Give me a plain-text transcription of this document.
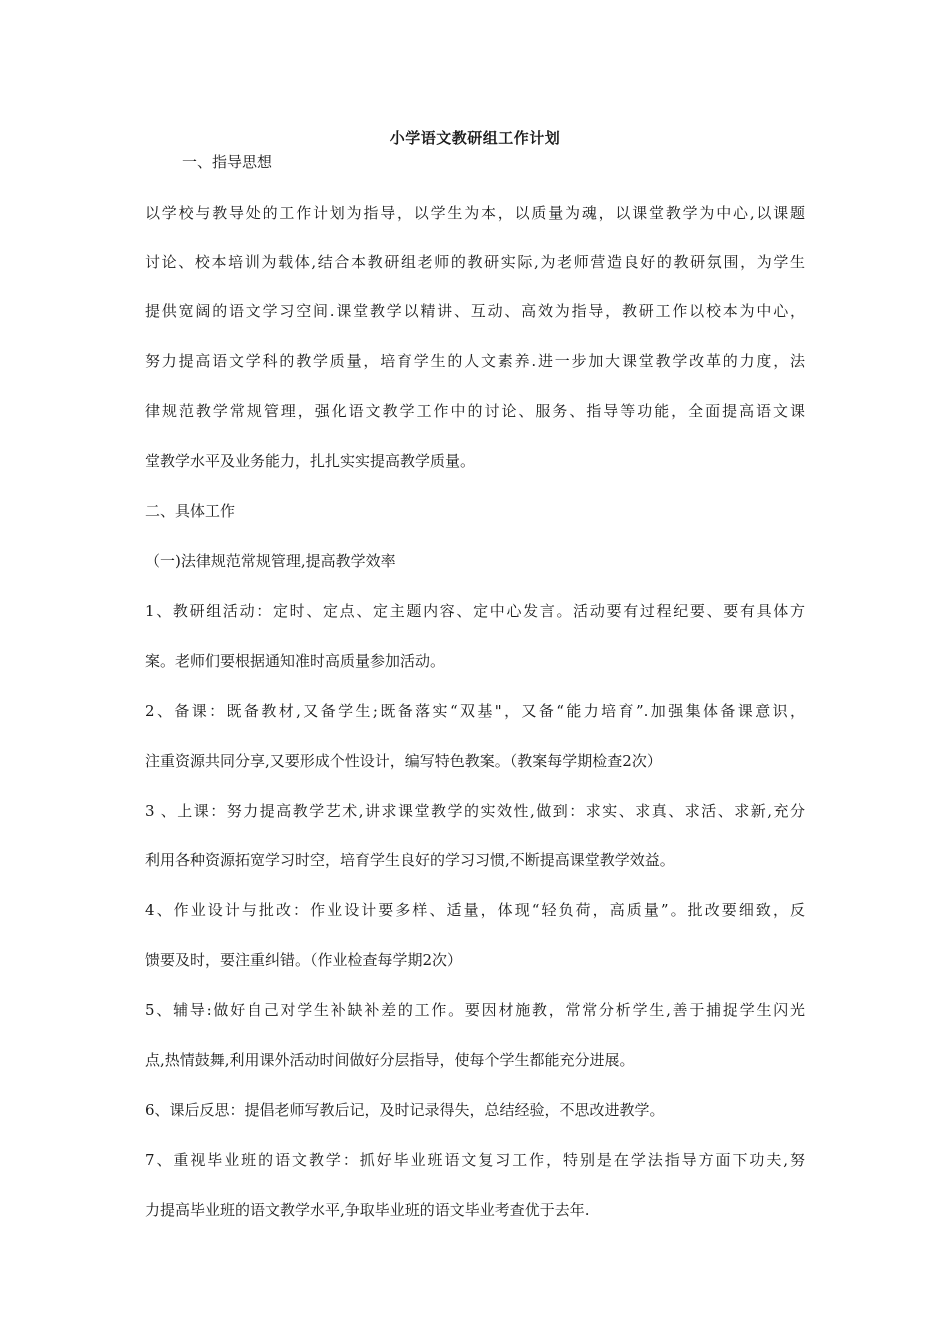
小学语文教研组工作计划
一、指导思想
以学校与教导处的工作计划为指导，以学生为本，以质量为魂，以课堂教学为中心,以课题
讨论、校本培训为载体,结合本教研组老师的教研实际,为老师营造良好的教研氛围，为学生
提供宽阔的语文学习空间.课堂教学以精讲、互动、高效为指导，教研工作以校本为中心，
努力提高语文学科的教学质量，培育学生的人文素养.进一步加大课堂教学改革的力度，法
律规范教学常规管理，强化语文教学工作中的讨论、服务、指导等功能，全面提高语文课
堂教学水平及业务能力，扎扎实实提高教学质量。
二、具体工作
（一)法律规范常规管理,提高教学效率
1、教研组活动：定时、定点、定主题内容、定中心发言。活动要有过程纪要、要有具体方
案。老师们要根据通知准时高质量参加活动。
2、备课：既备教材,又备学生;既备落实“双基"，又备“能力培育”.加强集体备课意识，
注重资源共同分享,又要形成个性设计，编写特色教案。（教案每学期检查2次）
3 、上课：努力提高教学艺术,讲求课堂教学的实效性,做到：求实、求真、求活、求新,充分
利用各种资源拓宽学习时空，培育学生良好的学习习惯,不断提高课堂教学效益。
4、作业设计与批改：作业设计要多样、适量，体现“轻负荷，高质量”。批改要细致，反
馈要及时，要注重纠错。（作业检查每学期2次）
5、辅导:做好自己对学生补缺补差的工作。要因材施教，常常分析学生,善于捕捉学生闪光
点,热情鼓舞,利用课外活动时间做好分层指导，使每个学生都能充分进展。
6、课后反思：提倡老师写教后记，及时记录得失，总结经验，不思改进教学。
7、重视毕业班的语文教学：抓好毕业班语文复习工作，特别是在学法指导方面下功夫,努
力提高毕业班的语文教学水平,争取毕业班的语文毕业考查优于去年.
